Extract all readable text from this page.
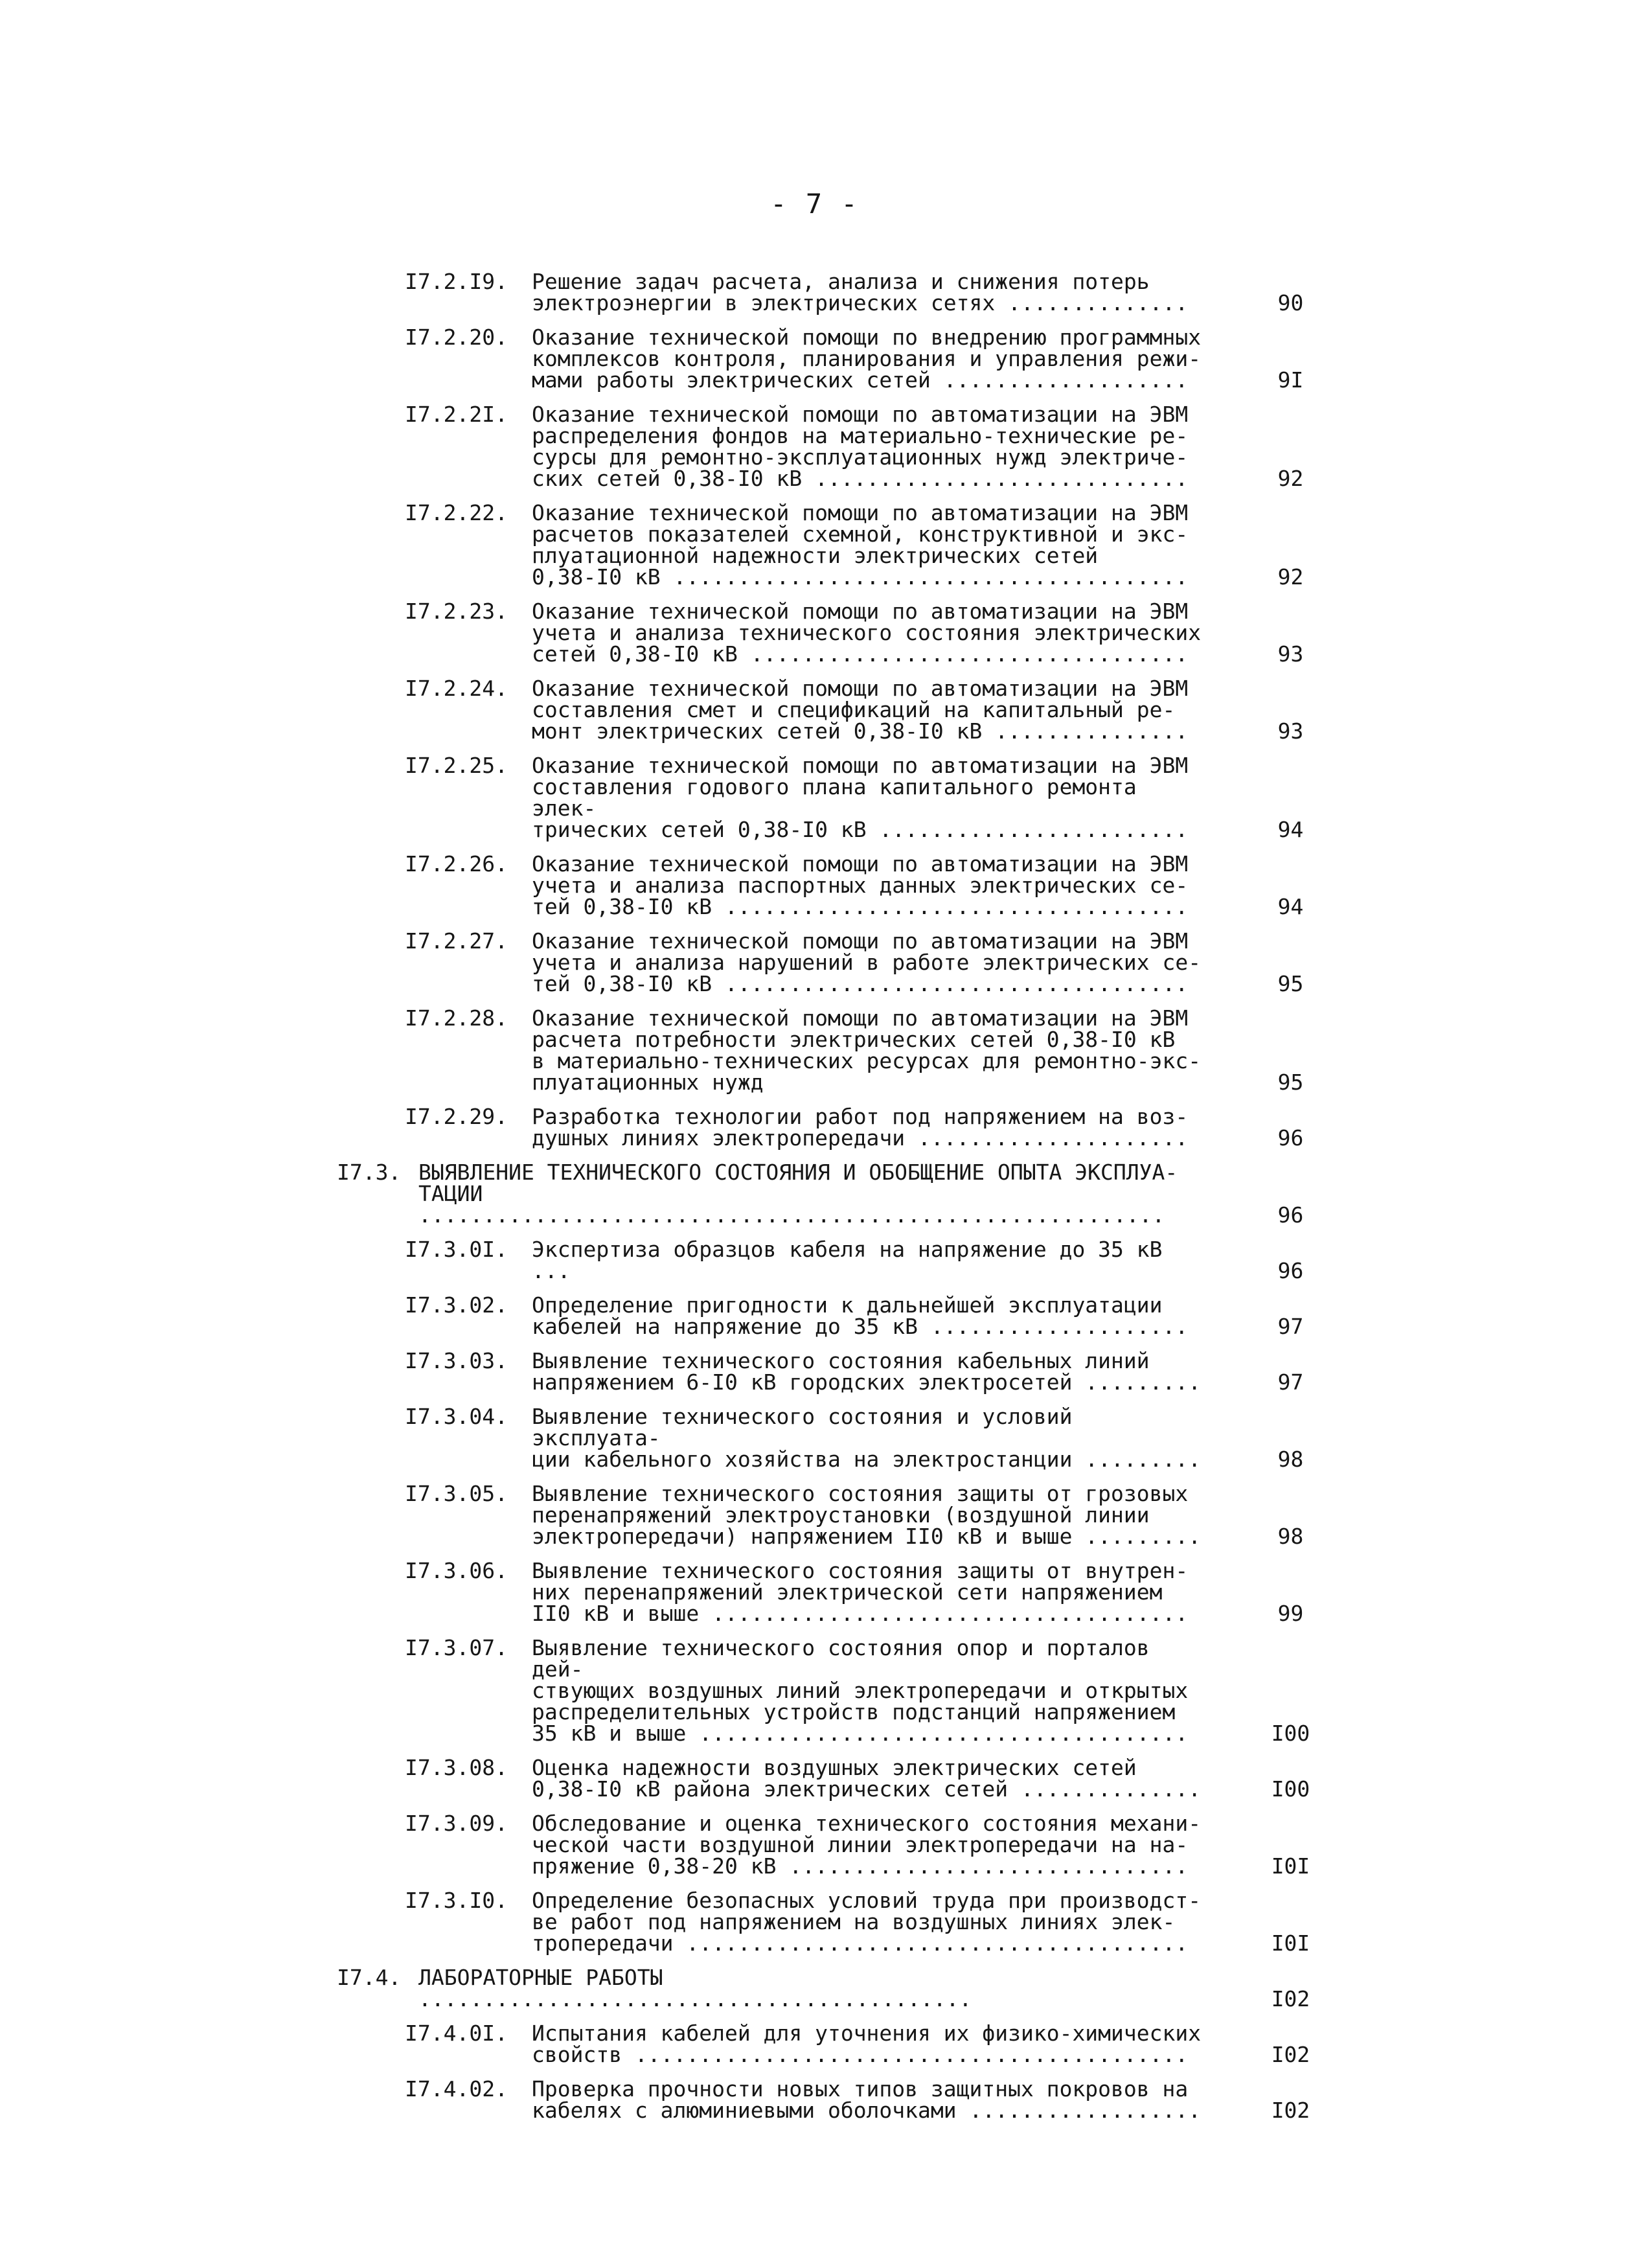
- 7 -
I7.2.I9.	Решение задач расчета, анализа и снижения потерь
электроэнергии в электрических сетях ..............	90
I7.2.20.	Оказание технической помощи по внедрению программных
комплексов контроля, планирования и управления режи-
мами работы электрических сетей ...................	9I
I7.2.2I.	Оказание технической помощи по автоматизации на ЭВМ
распределения фондов на материально-технические ре-
сурсы для ремонтно-эксплуатационных нужд электриче-
ских сетей 0,38-I0 кВ .............................	92
I7.2.22.	Оказание технической помощи по автоматизации на ЭВМ
расчетов показателей схемной, конструктивной и экс-
плуатационной надежности электрических сетей
0,38-I0 кВ ........................................	92
I7.2.23.	Оказание технической помощи по автоматизации на ЭВМ
учета и анализа технического состояния электрических
сетей 0,38-I0 кВ ..................................	93
I7.2.24.	Оказание технической помощи по автоматизации на ЭВМ
составления смет и спецификаций на капитальный ре-
монт электрических сетей 0,38-I0 кВ ...............	93
I7.2.25.	Оказание технической помощи по автоматизации на ЭВМ
составления годового плана капитального ремонта элек-
трических сетей 0,38-I0 кВ ........................	94
I7.2.26.	Оказание технической помощи по автоматизации на ЭВМ
учета и анализа паспортных данных электрических се-
тей 0,38-I0 кВ ....................................	94
I7.2.27.	Оказание технической помощи по автоматизации на ЭВМ
учета и анализа нарушений в работе электрических се-
тей 0,38-I0 кВ ....................................	95
I7.2.28.	Оказание технической помощи по автоматизации на ЭВМ
расчета потребности электрических сетей 0,38-I0 кВ
в материально-технических ресурсах для ремонтно-экс-
плуатационных нужд	95
I7.2.29.	Разработка технологии работ под напряжением на воз-
душных линиях электропередачи .....................	96
I7.3. ВЫЯВЛЕНИЕ ТЕХНИЧЕСКОГО СОСТОЯНИЯ И ОБОБЩЕНИЕ ОПЫТА ЭКСПЛУА-
ТАЦИИ ..........................................................	96
I7.3.0I.	Экспертиза образцов кабеля на напряжение до 35 кВ ...	96
I7.3.02.	Определение пригодности к дальнейшей эксплуатации
кабелей на напряжение до 35 кВ ....................	97
I7.3.03.	Выявление технического состояния кабельных линий
напряжением 6-I0 кВ городских электросетей .........	97
I7.3.04.	Выявление технического состояния и условий эксплуата-
ции кабельного хозяйства на электростанции .........	98
I7.3.05.	Выявление технического состояния защиты от грозовых
перенапряжений электроустановки (воздушной линии
электропередачи) напряжением II0 кВ и выше .........	98
I7.3.06.	Выявление технического состояния защиты от внутрен-
них перенапряжений электрической сети напряжением
II0 кВ и выше .....................................	99
I7.3.07.	Выявление технического состояния опор и порталов дей-
ствующих воздушных линий электропередачи и открытых
распределительных устройств подстанций напряжением
35 кВ и выше ......................................	I00
I7.3.08.	Оценка надежности воздушных электрических сетей
0,38-I0 кВ района электрических сетей ..............	I00
I7.3.09.	Обследование и оценка технического состояния механи-
ческой части воздушной линии электропередачи на на-
пряжение 0,38-20 кВ ...............................	I0I
I7.3.I0.	Определение безопасных условий труда при производст-
ве работ под напряжением на воздушных линиях элек-
тропередачи .......................................	I0I
I7.4. ЛАБОРАТОРНЫЕ РАБОТЫ ...........................................	I02
I7.4.0I.	Испытания кабелей для уточнения их физико-химических
свойств ...........................................	I02
I7.4.02.	Проверка прочности новых типов защитных покровов на
кабелях с алюминиевыми оболочками ..................	I02
